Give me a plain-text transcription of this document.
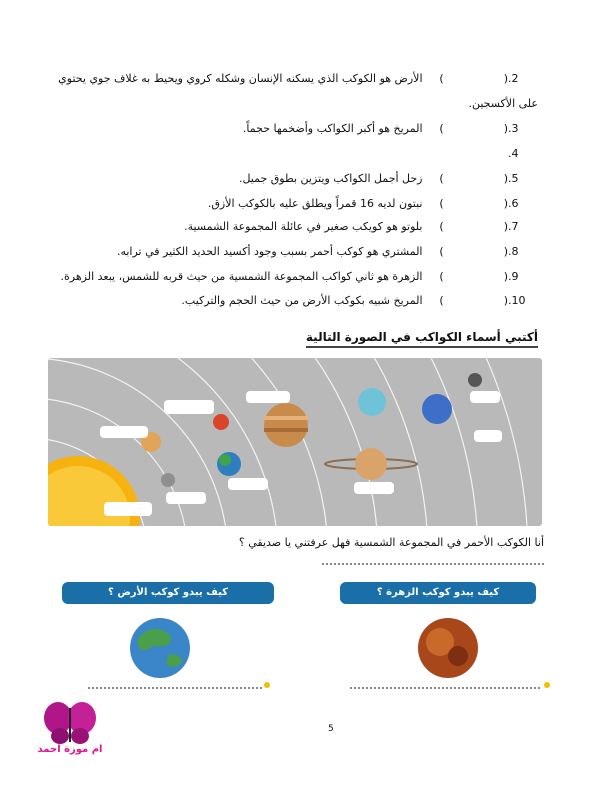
.2(	) الأرض هو الكوكب الذي يسكنه الإنسان وشكله كروي ويحيط به غلاف جوي يحتوي
على الأكسجين.
.3(	) المريخ هو أكبر الكواكب وأضخمها حجماً.
.4
.5(	) زحل أجمل الكواكب ويتزين بطوق جميل.
.6(	) نبتون لديه 16 قمراً ويطلق عليه بالكوكب الأزق.
.7(	) بلوتو هو كويكب صغير في عائلة المجموعة الشمسية.
.8(	) المشتري هو كوكب أحمر بسبب وجود أكسيد الحديد الكثير في ترابه.
.9(	) الزهرة هو ثاني كواكب المجموعة الشمسية من حيث قربه للشمس، يبعد الزهرة.
.10(	) المريخ شبيه بكوكب الأرض من حيث الحجم والتركيب.
أكتبي أسماء الكواكب في الصورة التالية
أنا الكوكب الأحمر في المجموعة الشمسية فهل عرفتني يا صديقي ؟
كيف يبدو كوكب الزهرة ؟
كيف يبدو كوكب الأرض ؟
ام موزة احمد
5
